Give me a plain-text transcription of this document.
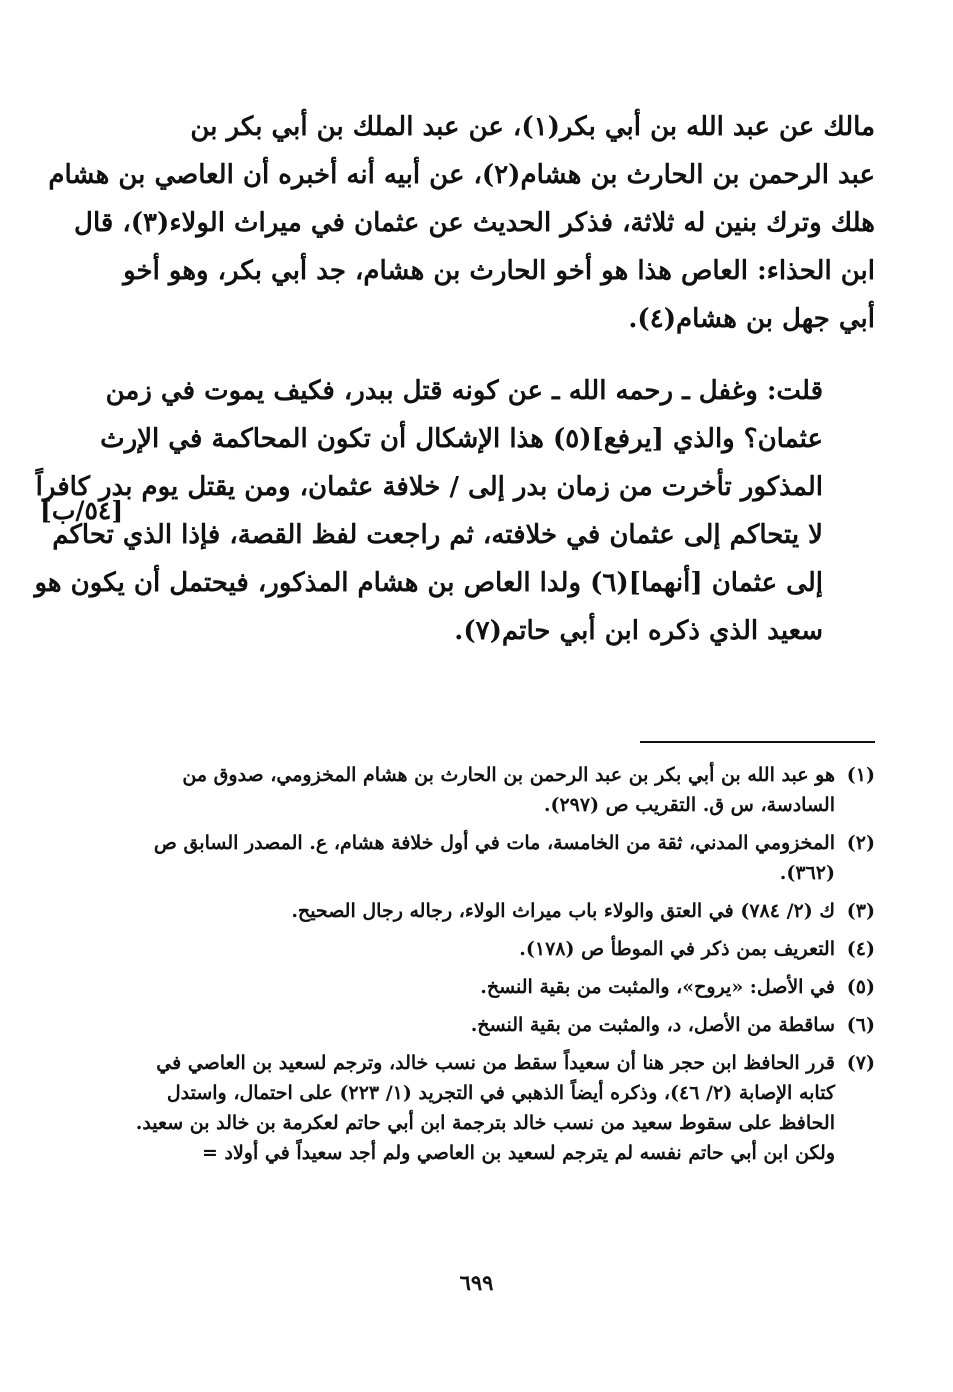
مالك عن عبد الله بن أبي بكر(١)، عن عبد الملك بن أبي بكر بن
عبد الرحمن بن الحارث بن هشام(٢)، عن أبيه أنه أخبره أن العاصي بن هشام
هلك وترك بنين له ثلاثة، فذكر الحديث عن عثمان في ميراث الولاء(٣)، قال
ابن الحذاء: العاص هذا هو أخو الحارث بن هشام، جد أبي بكر، وهو أخو
أبي جهل بن هشام(٤).

قلت: وغفل ـ رحمه الله ـ عن كونه قتل ببدر، فكيف يموت في زمن
عثمان؟ والذي [يرفع](٥) هذا الإشكال أن تكون المحاكمة في الإرث
المذكور تأخرت من زمان بدر إلى / خلافة عثمان، ومن يقتل يوم بدر كافراً
لا يتحاكم إلى عثمان في خلافته، ثم راجعت لفظ القصة، فإذا الذي تحاكم
إلى عثمان [أنهما](٦) ولدا العاص بن هشام المذكور، فيحتمل أن يكون هو
سعيد الذي ذكره ابن أبي حاتم(٧).

[٥٤/ب]
(١)
هو عبد الله بن أبي بكر بن عبد الرحمن بن الحارث بن هشام المخزومي، صدوق من السادسة، س ق. التقريب ص (٢٩٧).
(٢)
المخزومي المدني، ثقة من الخامسة، مات في أول خلافة هشام، ع. المصدر السابق ص (٣٦٢).
(٣)
ك (٢/ ٧٨٤) في العتق والولاء باب ميراث الولاء، رجاله رجال الصحيح.
(٤)
التعريف بمن ذكر في الموطأ ص (١٧٨).
(٥)
في الأصل: «يروح»، والمثبت من بقية النسخ.
(٦)
ساقطة من الأصل، د، والمثبت من بقية النسخ.
(٧)
قرر الحافظ ابن حجر هنا أن سعيداً سقط من نسب خالد، وترجم لسعيد بن العاصي في كتابه الإصابة (٢/ ٤٦)، وذكره أيضاً الذهبي في التجريد (١/ ٢٢٣) على احتمال، واستدل الحافظ على سقوط سعيد من نسب خالد بترجمة ابن أبي حاتم لعكرمة بن خالد بن سعيد. ولكن ابن أبي حاتم نفسه لم يترجم لسعيد بن العاصي ولم أجد سعيداً في أولاد =
٦٩٩
